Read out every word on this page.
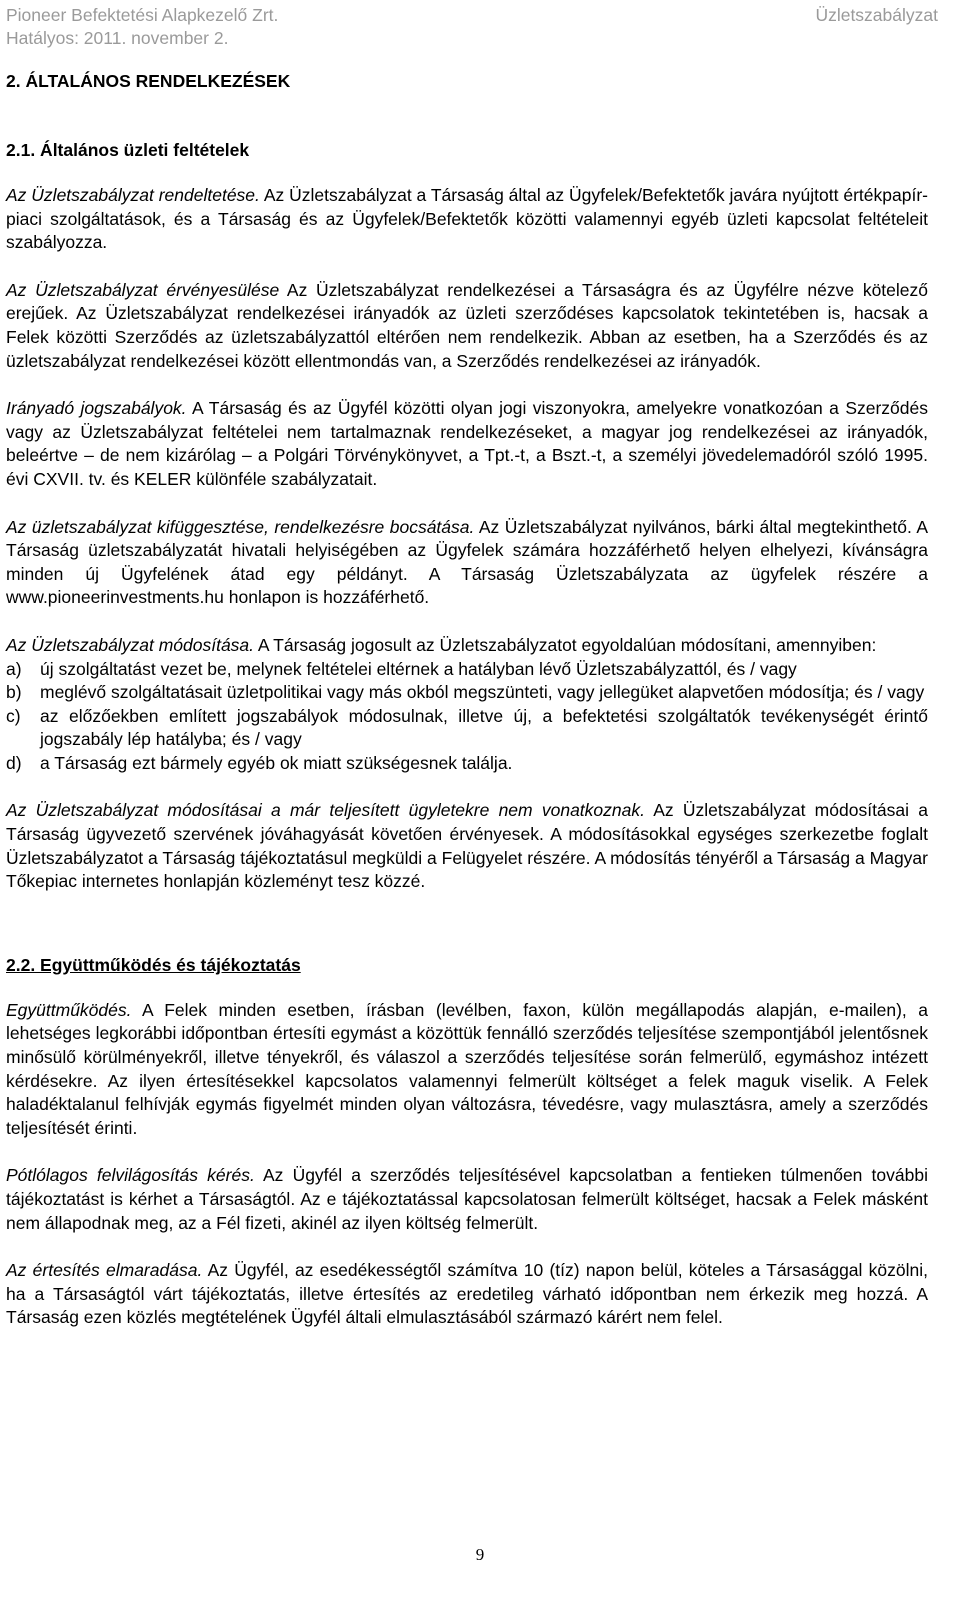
Pioneer Befektetési Alapkezelő Zrt.	Üzletszabályzat
Hatályos: 2011. november 2.
2. ÁLTALÁNOS RENDELKEZÉSEK
2.1. Általános üzleti feltételek

Az Üzletszabályzat rendeltetése. Az Üzletszabályzat a Társaság által az Ügyfelek/Befektetők javára nyújtott értékpapír-piaci szolgáltatások, és a Társaság és az Ügyfelek/Befektetők közötti valamennyi egyéb üzleti kapcsolat feltételeit szabályozza.

Az Üzletszabályzat érvényesülése Az Üzletszabályzat rendelkezései a Társaságra és az Ügyfélre nézve kötelező erejűek. Az Üzletszabályzat rendelkezései irányadók az üzleti szerződéses kapcsolatok tekintetében is, hacsak a Felek közötti Szerződés az üzletszabályzattól eltérően nem rendelkezik. Abban az esetben, ha a Szerződés és az üzletszabályzat rendelkezései között ellentmondás van, a Szerződés rendelkezései az irányadók.

Irányadó jogszabályok. A Társaság és az Ügyfél közötti olyan jogi viszonyokra, amelyekre vonatkozóan a Szerződés vagy az Üzletszabályzat feltételei nem tartalmaznak rendelkezéseket, a magyar jog rendelkezései az irányadók, beleértve – de nem kizárólag – a Polgári Törvénykönyvet, a Tpt.-t, a Bszt.-t, a személyi jövedelemadóról szóló 1995. évi CXVII. tv. és KELER különféle szabályzatait.

Az üzletszabályzat kifüggesztése, rendelkezésre bocsátása. Az Üzletszabályzat nyilvános, bárki által megtekinthető. A Társaság üzletszabályzatát hivatali helyiségében az Ügyfelek számára hozzáférhető helyen elhelyezi, kívánságra minden új Ügyfelének átad egy példányt. A Társaság Üzletszabályzata az ügyfelek részére a www.pioneerinvestments.hu honlapon is hozzáférhető.

Az Üzletszabályzat módosítása. A Társaság jogosult az Üzletszabályzatot egyoldalúan módosítani, amennyiben:

a)	új szolgáltatást vezet be, melynek feltételei eltérnek a hatályban lévő Üzletszabályzattól, és / vagy
b)	meglévő szolgáltatásait üzletpolitikai vagy más okból megszünteti, vagy jellegüket alapvetően módosítja; és / vagy
c)	az előzőekben említett jogszabályok módosulnak, illetve új, a befektetési szolgáltatók tevékenységét érintő jogszabály lép hatályba; és / vagy
d)	a Társaság ezt bármely egyéb ok miatt szükségesnek találja.

Az Üzletszabályzat módosításai a már teljesített ügyletekre nem vonatkoznak. Az Üzletszabályzat módosításai a Társaság ügyvezető szervének jóváhagyását követően érvényesek. A módosításokkal egységes szerkezetbe foglalt Üzletszabályzatot a Társaság tájékoztatásul megküldi a Felügyelet részére. A módosítás tényéről a Társaság a Magyar Tőkepiac internetes honlapján közleményt tesz közzé.

2.2. Együttműködés és tájékoztatás

Együttműködés. A Felek minden esetben, írásban (levélben, faxon, külön megállapodás alapján, e-mailen), a lehetséges legkorábbi időpontban értesíti egymást a közöttük fennálló szerződés teljesítése szempontjából jelentősnek minősülő körülményekről, illetve tényekről, és válaszol a szerződés teljesítése során felmerülő, egymáshoz intézett kérdésekre. Az ilyen értesítésekkel kapcsolatos valamennyi felmerült költséget a felek maguk viselik. A Felek haladéktalanul felhívják egymás figyelmét minden olyan változásra, tévedésre, vagy mulasztásra, amely a szerződés teljesítését érinti.

Pótlólagos felvilágosítás kérés. Az Ügyfél a szerződés teljesítésével kapcsolatban a fentieken túlmenően további tájékoztatást is kérhet a Társaságtól. Az e tájékoztatással kapcsolatosan felmerült költséget, hacsak a Felek másként nem állapodnak meg, az a Fél fizeti, akinél az ilyen költség felmerült.

Az értesítés elmaradása. Az Ügyfél, az esedékességtől számítva 10 (tíz) napon belül, köteles a Társasággal közölni, ha a Társaságtól várt tájékoztatás, illetve értesítés az eredetileg várható időpontban nem érkezik meg hozzá. A Társaság ezen közlés megtételének Ügyfél általi elmulasztásából származó kárért nem felel.

9
